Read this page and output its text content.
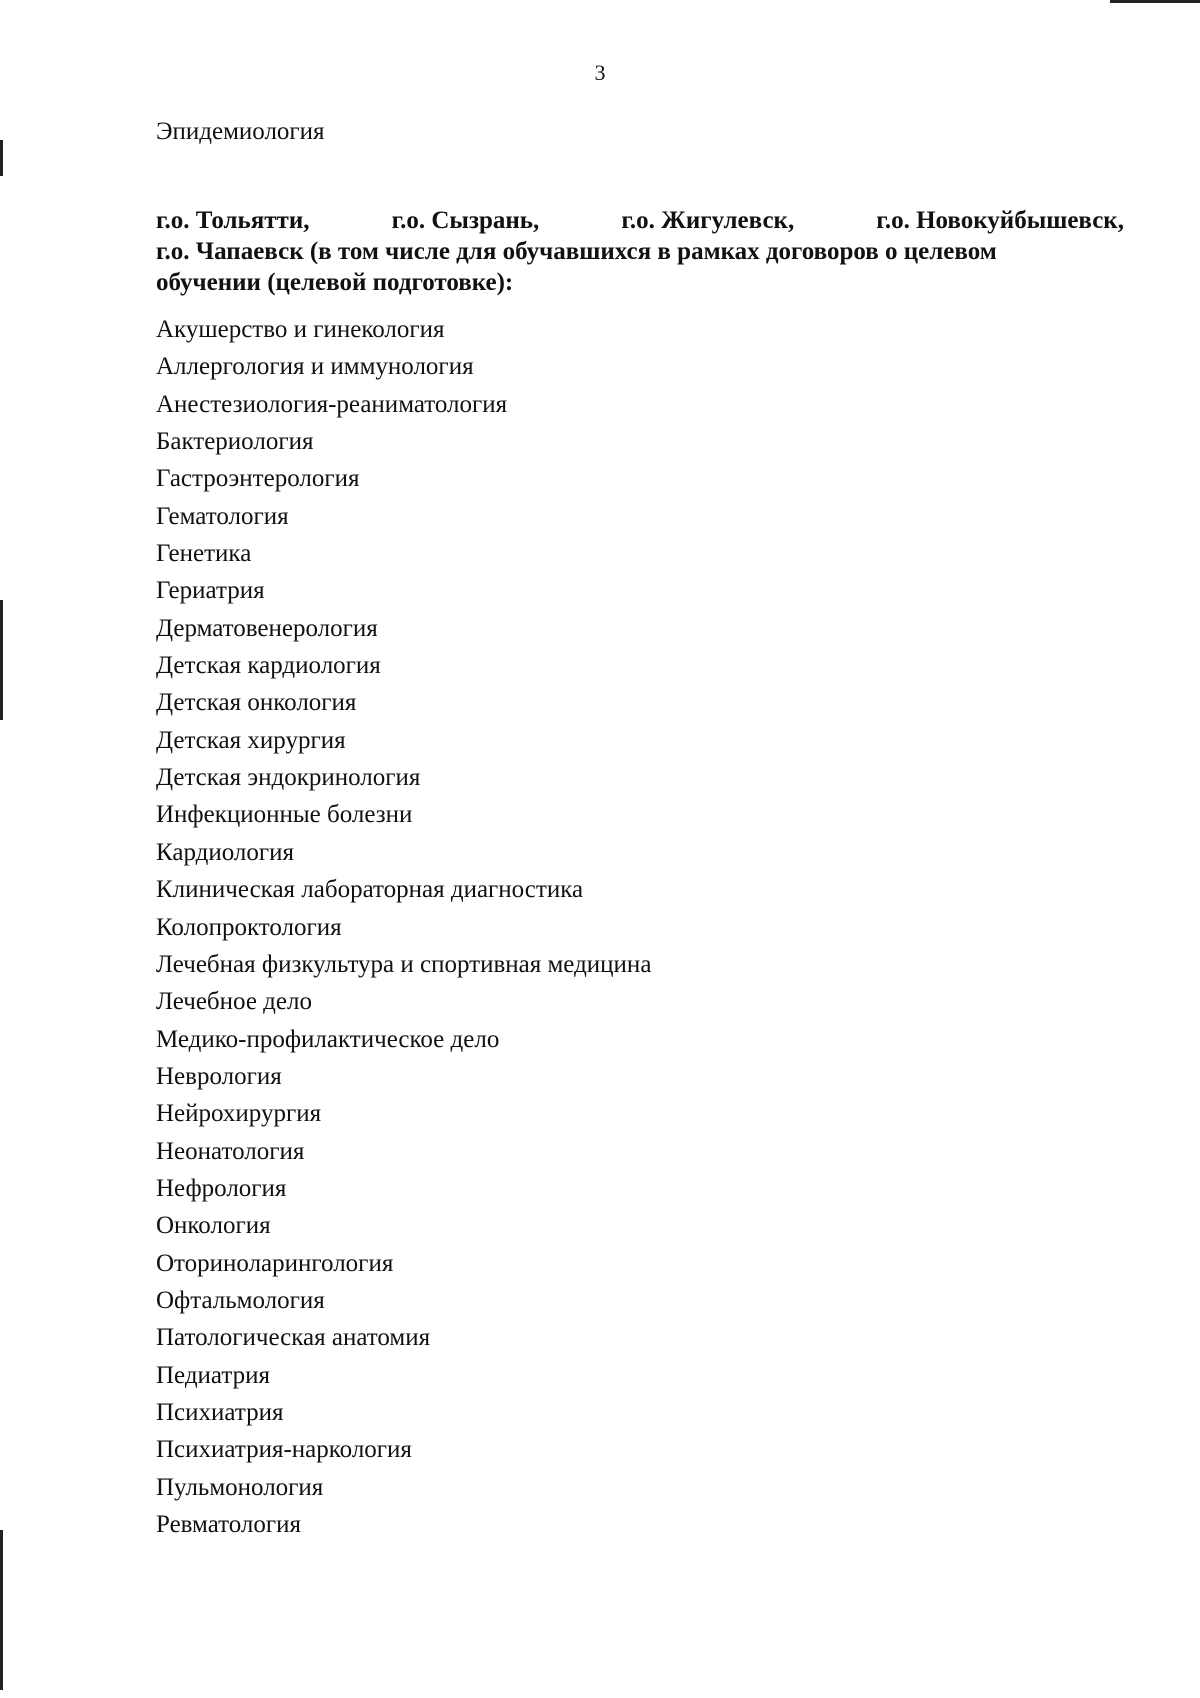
3
Эпидемиология
г.о. Тольятти,	г.о. Сызрань,	г.о. Жигулевск,	г.о. Новокуйбышевск,
г.о. Чапаевск (в том числе для обучавшихся в рамках договоров о целевом
обучении (целевой подготовке):
Акушерство и гинекология
Аллергология и иммунология
Анестезиология-реаниматология
Бактериология
Гастроэнтерология
Гематология
Генетика
Гериатрия
Дерматовенерология
Детская кардиология
Детская онкология
Детская хирургия
Детская эндокринология
Инфекционные болезни
Кардиология
Клиническая лабораторная диагностика
Колопроктология
Лечебная физкультура и спортивная медицина
Лечебное дело
Медико-профилактическое дело
Неврология
Нейрохирургия
Неонатология
Нефрология
Онкология
Оториноларингология
Офтальмология
Патологическая анатомия
Педиатрия
Психиатрия
Психиатрия-наркология
Пульмонология
Ревматология
